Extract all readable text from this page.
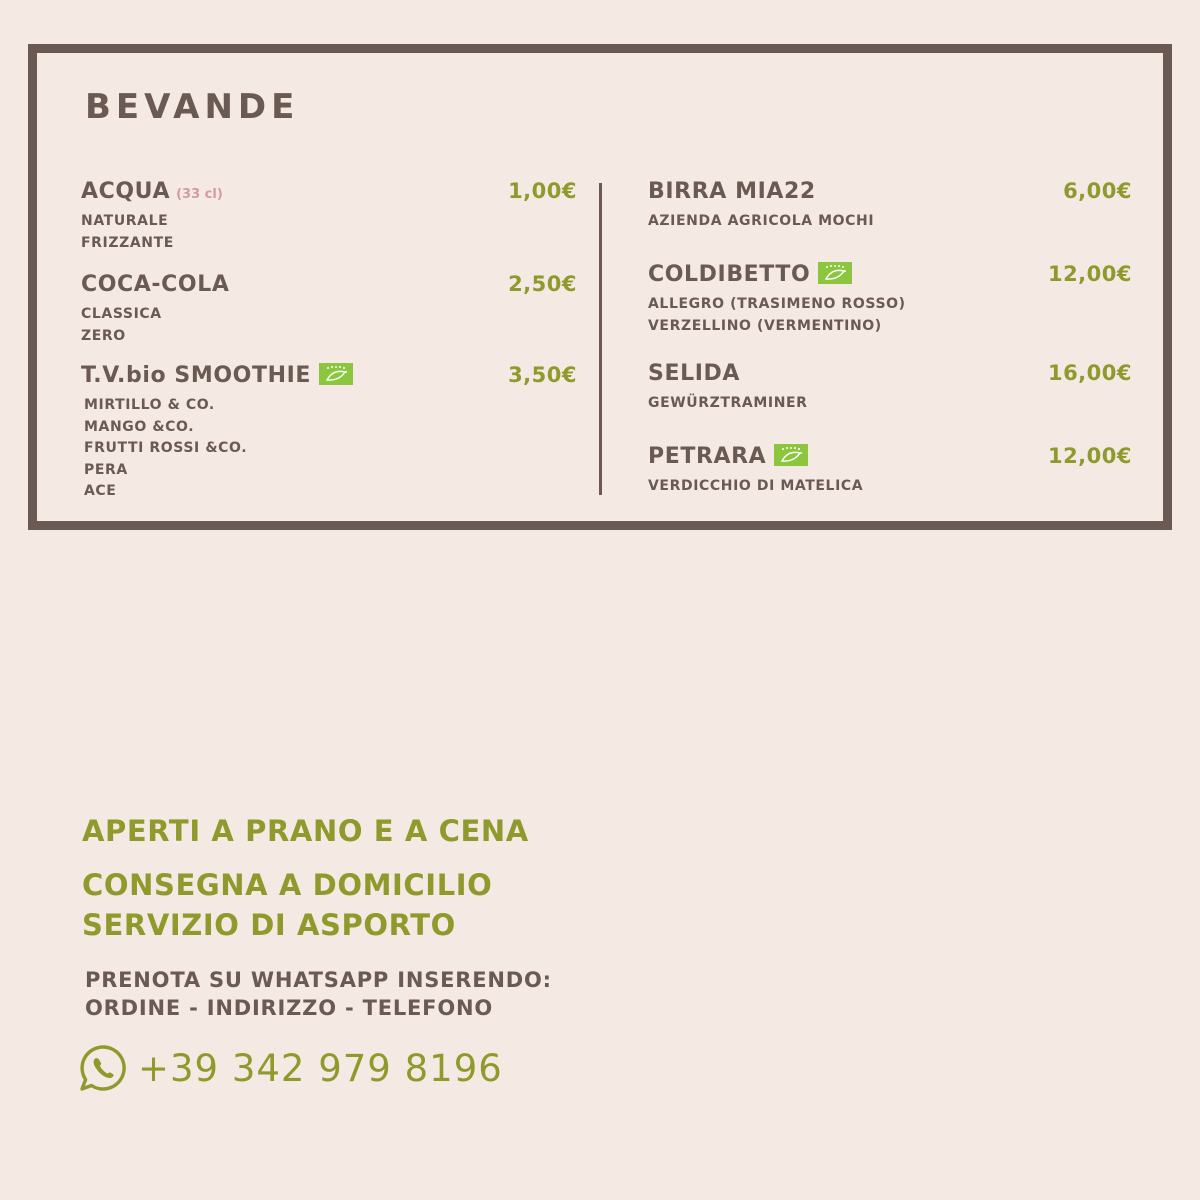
BEVANDE
ACQUA (33 cl)	1,00€
NATURALE
FRIZZANTE
COCA-COLA	2,50€
CLASSICA
ZERO
T.V.bio SMOOTHIE	3,50€
MIRTILLO & CO.
MANGO &CO.
FRUTTI ROSSI &CO.
PERA
ACE
BIRRA MIA22	6,00€
AZIENDA AGRICOLA MOCHI
COLDIBETTO	12,00€
ALLEGRO (TRASIMENO ROSSO)
VERZELLINO (VERMENTINO)
SELIDA	16,00€
GEWÜRZTRAMINER
PETRARA	12,00€
VERDICCHIO DI MATELICA

APERTI A PRANO E A CENA

CONSEGNA A DOMICILIO

SERVIZIO DI ASPORTO

PRENOTA SU WHATSAPP INSERENDO:

ORDINE - INDIRIZZO - TELEFONO

+39 342 979 8196
